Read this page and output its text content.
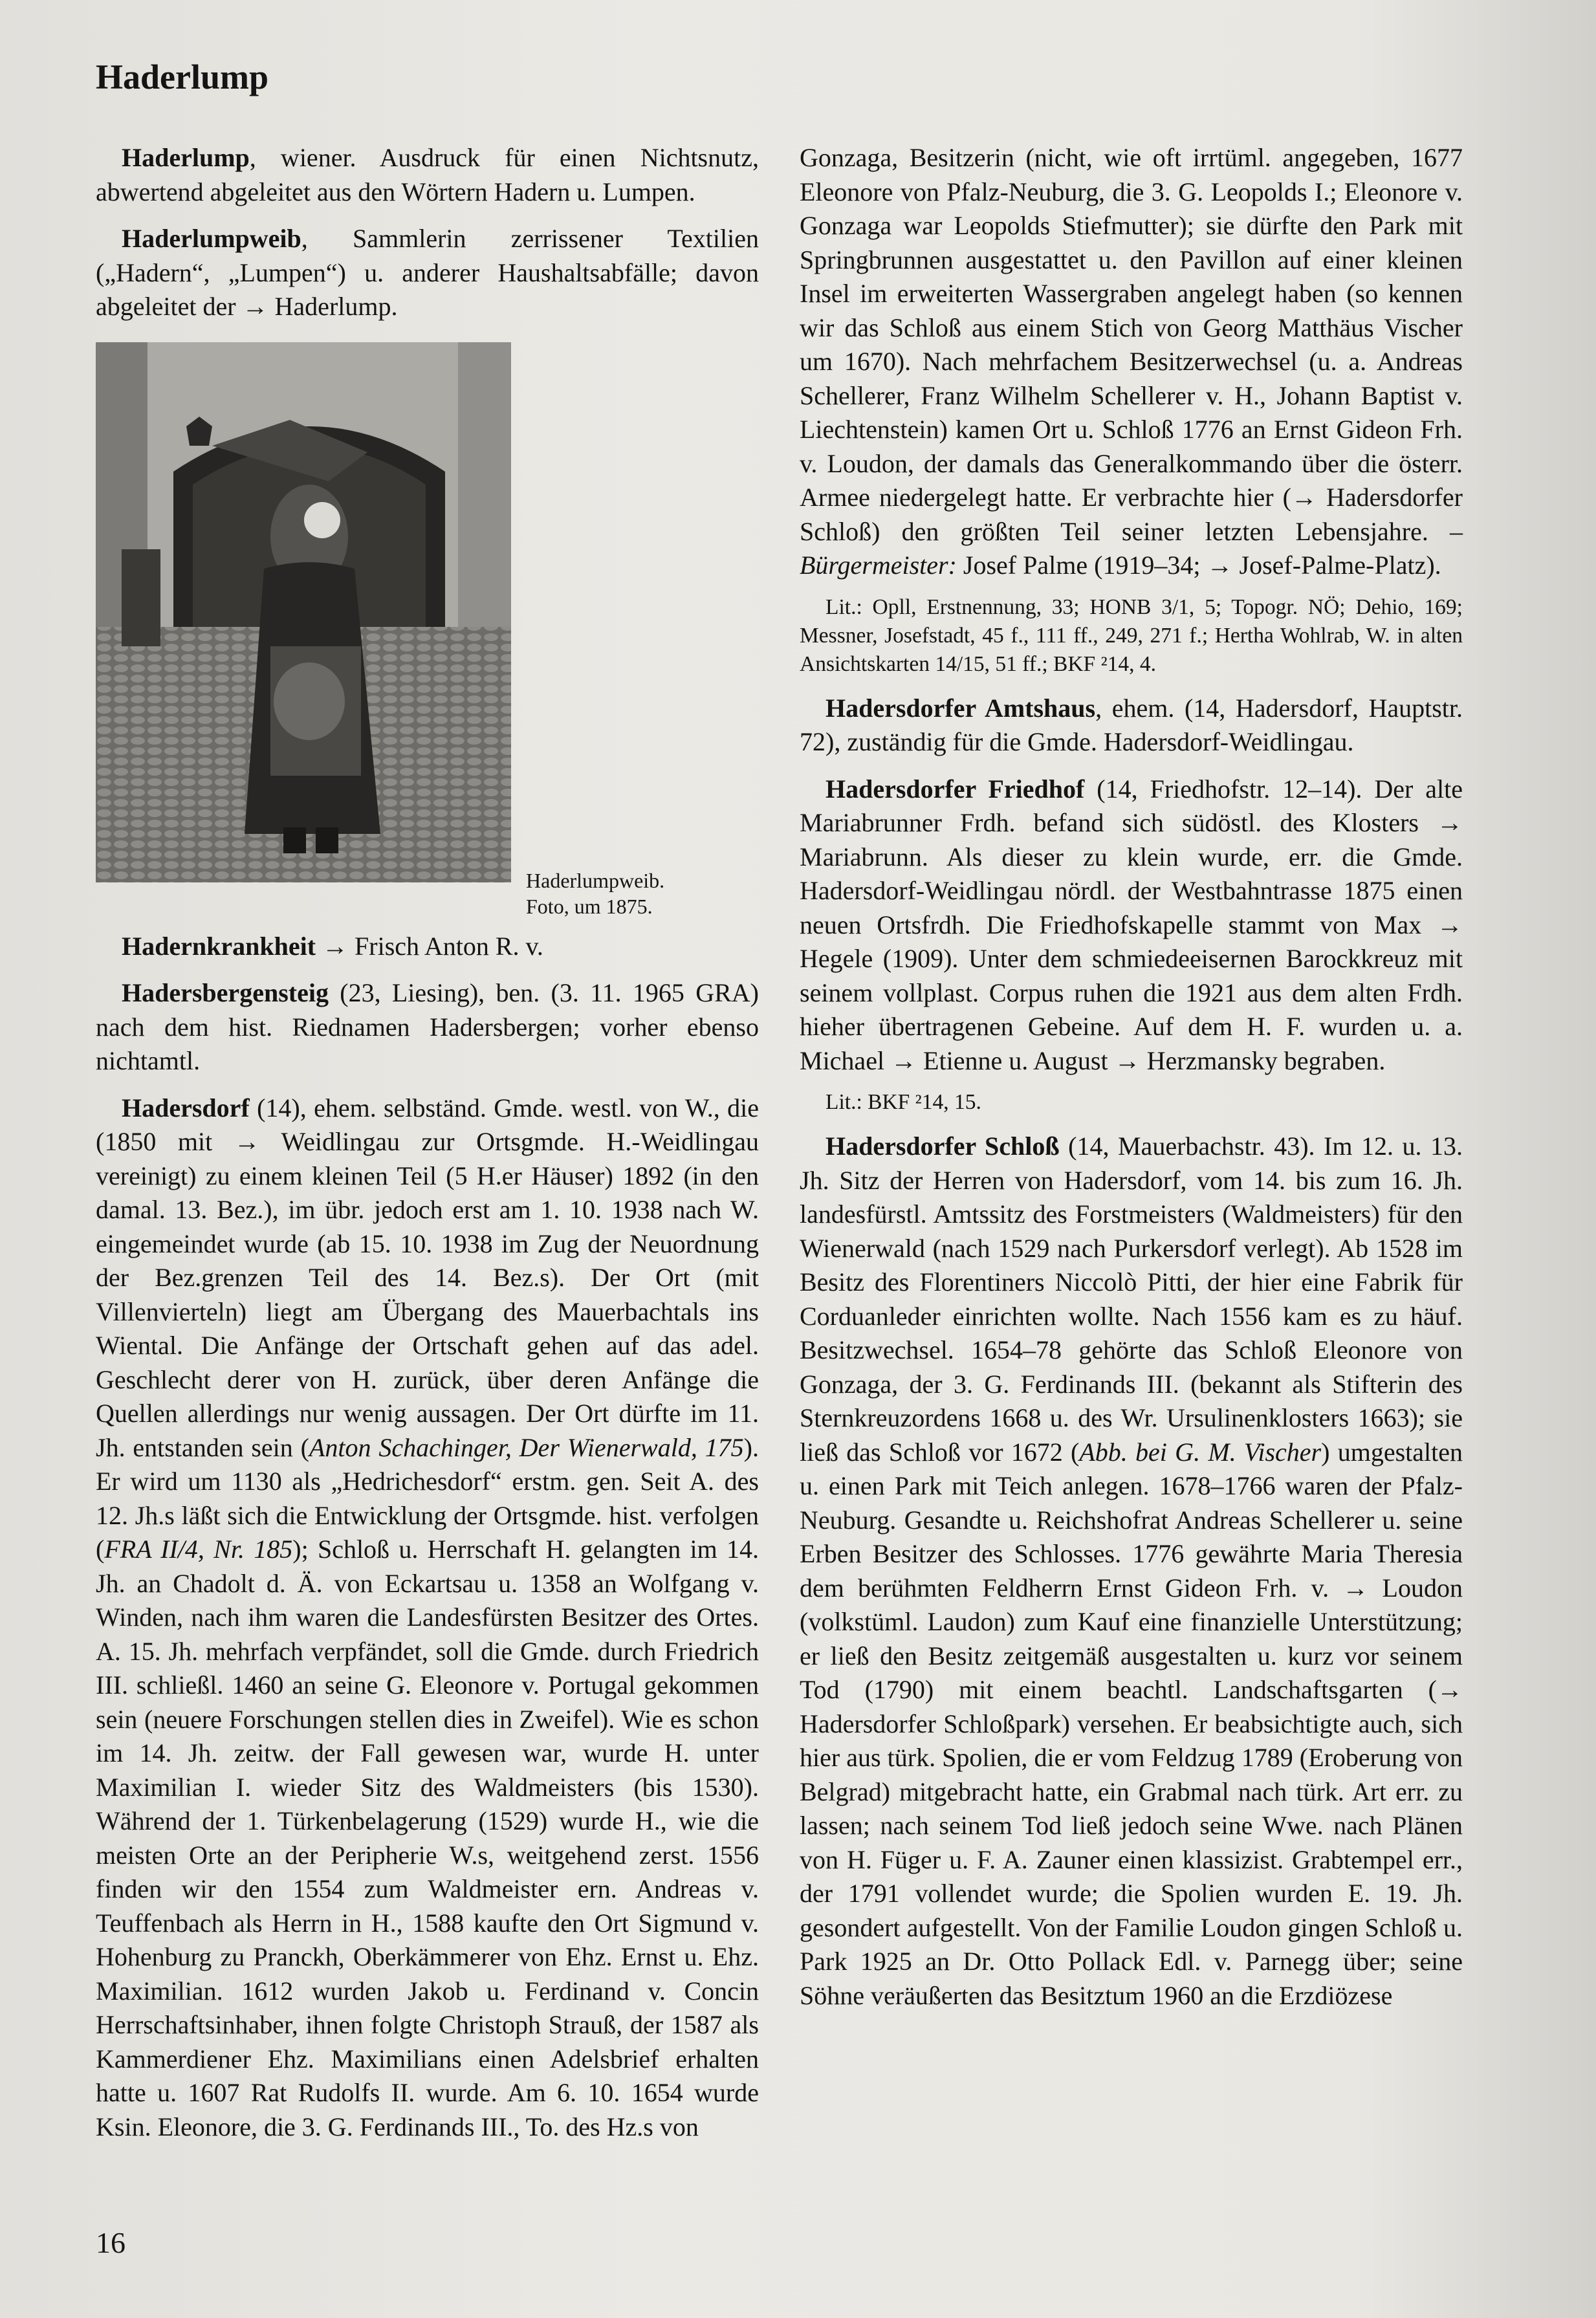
Haderlump

Haderlump, wiener. Ausdruck für einen Nichtsnutz, abwertend abgeleitet aus den Wörtern Hadern u. Lumpen.

Haderlumpweib, Sammlerin zerrissener Textilien („Hadern“, „Lumpen“) u. anderer Haushaltsabfälle; davon abgeleitet der → Haderlump.

Haderlumpweib.
Foto, um 1875.

Hadernkrankheit → Frisch Anton R. v.

Hadersbergensteig (23, Liesing), ben. (3. 11. 1965 GRA) nach dem hist. Riednamen Hadersbergen; vorher ebenso nichtamtl.

Hadersdorf (14), ehem. selbständ. Gmde. westl. von W., die (1850 mit → Weidlingau zur Ortsgmde. H.-Weidlingau vereinigt) zu einem kleinen Teil (5 H.er Häuser) 1892 (in den damal. 13. Bez.), im übr. jedoch erst am 1. 10. 1938 nach W. eingemeindet wurde (ab 15. 10. 1938 im Zug der Neuordnung der Bez.grenzen Teil des 14. Bez.s). Der Ort (mit Villenvierteln) liegt am Übergang des Mauerbachtals ins Wiental. Die Anfänge der Ortschaft gehen auf das adel. Geschlecht derer von H. zurück, über deren Anfänge die Quellen allerdings nur wenig aussagen. Der Ort dürfte im 11. Jh. entstanden sein (Anton Schachinger, Der Wienerwald, 175). Er wird um 1130 als „Hedrichesdorf“ erstm. gen. Seit A. des 12. Jh.s läßt sich die Entwicklung der Ortsgmde. hist. verfolgen (FRA II/4, Nr. 185); Schloß u. Herrschaft H. gelangten im 14. Jh. an Chadolt d. Ä. von Eckartsau u. 1358 an Wolfgang v. Winden, nach ihm waren die Landesfürsten Besitzer des Ortes. A. 15. Jh. mehrfach verpfändet, soll die Gmde. durch Friedrich III. schließl. 1460 an seine G. Eleonore v. Portugal gekommen sein (neuere Forschungen stellen dies in Zweifel). Wie es schon im 14. Jh. zeitw. der Fall gewesen war, wurde H. unter Maximilian I. wieder Sitz des Waldmeisters (bis 1530). Während der 1. Türkenbelagerung (1529) wurde H., wie die meisten Orte an der Peripherie W.s, weitgehend zerst. 1556 finden wir den 1554 zum Waldmeister ern. Andreas v. Teuffenbach als Herrn in H., 1588 kaufte den Ort Sigmund v. Hohenburg zu Pranckh, Oberkämmerer von Ehz. Ernst u. Ehz. Maximilian. 1612 wurden Jakob u. Ferdinand v. Concin Herrschaftsinhaber, ihnen folgte Christoph Strauß, der 1587 als Kammerdiener Ehz. Maximilians einen Adelsbrief erhalten hatte u. 1607 Rat Rudolfs II. wurde. Am 6. 10. 1654 wurde Ksin. Eleonore, die 3. G. Ferdinands III., To. des Hz.s von

Gonzaga, Besitzerin (nicht, wie oft irrtüml. angegeben, 1677 Eleonore von Pfalz-Neuburg, die 3. G. Leopolds I.; Eleonore v. Gonzaga war Leopolds Stiefmutter); sie dürfte den Park mit Springbrunnen ausgestattet u. den Pavillon auf einer kleinen Insel im erweiterten Wassergraben angelegt haben (so kennen wir das Schloß aus einem Stich von Georg Matthäus Vischer um 1670). Nach mehrfachem Besitzerwechsel (u. a. Andreas Schellerer, Franz Wilhelm Schellerer v. H., Johann Baptist v. Liechtenstein) kamen Ort u. Schloß 1776 an Ernst Gideon Frh. v. Loudon, der damals das Generalkommando über die österr. Armee niedergelegt hatte. Er verbrachte hier (→ Hadersdorfer Schloß) den größten Teil seiner letzten Lebensjahre. – Bürgermeister: Josef Palme (1919–34; → Josef-Palme-Platz).

Lit.: Opll, Erstnennung, 33; HONB 3/1, 5; Topogr. NÖ; Dehio, 169; Messner, Josefstadt, 45 f., 111 ff., 249, 271 f.; Hertha Wohlrab, W. in alten Ansichtskarten 14/15, 51 ff.; BKF ²14, 4.

Hadersdorfer Amtshaus, ehem. (14, Hadersdorf, Hauptstr. 72), zuständig für die Gmde. Hadersdorf-Weidlingau.

Hadersdorfer Friedhof (14, Friedhofstr. 12–14). Der alte Mariabrunner Frdh. befand sich südöstl. des Klosters → Mariabrunn. Als dieser zu klein wurde, err. die Gmde. Hadersdorf-Weidlingau nördl. der Westbahntrasse 1875 einen neuen Ortsfrdh. Die Friedhofskapelle stammt von Max → Hegele (1909). Unter dem schmiedeeisernen Barockkreuz mit seinem vollplast. Corpus ruhen die 1921 aus dem alten Frdh. hieher übertragenen Gebeine. Auf dem H. F. wurden u. a. Michael → Etienne u. August → Herzmansky begraben.

Lit.: BKF ²14, 15.

Hadersdorfer Schloß (14, Mauerbachstr. 43). Im 12. u. 13. Jh. Sitz der Herren von Hadersdorf, vom 14. bis zum 16. Jh. landesfürstl. Amtssitz des Forstmeisters (Waldmeisters) für den Wienerwald (nach 1529 nach Purkersdorf verlegt). Ab 1528 im Besitz des Florentiners Niccolò Pitti, der hier eine Fabrik für Corduanleder einrichten wollte. Nach 1556 kam es zu häuf. Besitzwechsel. 1654–78 gehörte das Schloß Eleonore von Gonzaga, der 3. G. Ferdinands III. (bekannt als Stifterin des Sternkreuzordens 1668 u. des Wr. Ursulinenklosters 1663); sie ließ das Schloß vor 1672 (Abb. bei G. M. Vischer) umgestalten u. einen Park mit Teich anlegen. 1678–1766 waren der Pfalz-Neuburg. Gesandte u. Reichshofrat Andreas Schellerer u. seine Erben Besitzer des Schlosses. 1776 gewährte Maria Theresia dem berühmten Feldherrn Ernst Gideon Frh. v. → Loudon (volkstüml. Laudon) zum Kauf eine finanzielle Unterstützung; er ließ den Besitz zeitgemäß ausgestalten u. kurz vor seinem Tod (1790) mit einem beachtl. Landschaftsgarten (→ Hadersdorfer Schloßpark) versehen. Er beabsichtigte auch, sich hier aus türk. Spolien, die er vom Feldzug 1789 (Eroberung von Belgrad) mitgebracht hatte, ein Grabmal nach türk. Art err. zu lassen; nach seinem Tod ließ jedoch seine Wwe. nach Plänen von H. Füger u. F. A. Zauner einen klassizist. Grabtempel err., der 1791 vollendet wurde; die Spolien wurden E. 19. Jh. gesondert aufgestellt. Von der Familie Loudon gingen Schloß u. Park 1925 an Dr. Otto Pollack Edl. v. Parnegg über; seine Söhne veräußerten das Besitztum 1960 an die Erzdiözese

16
